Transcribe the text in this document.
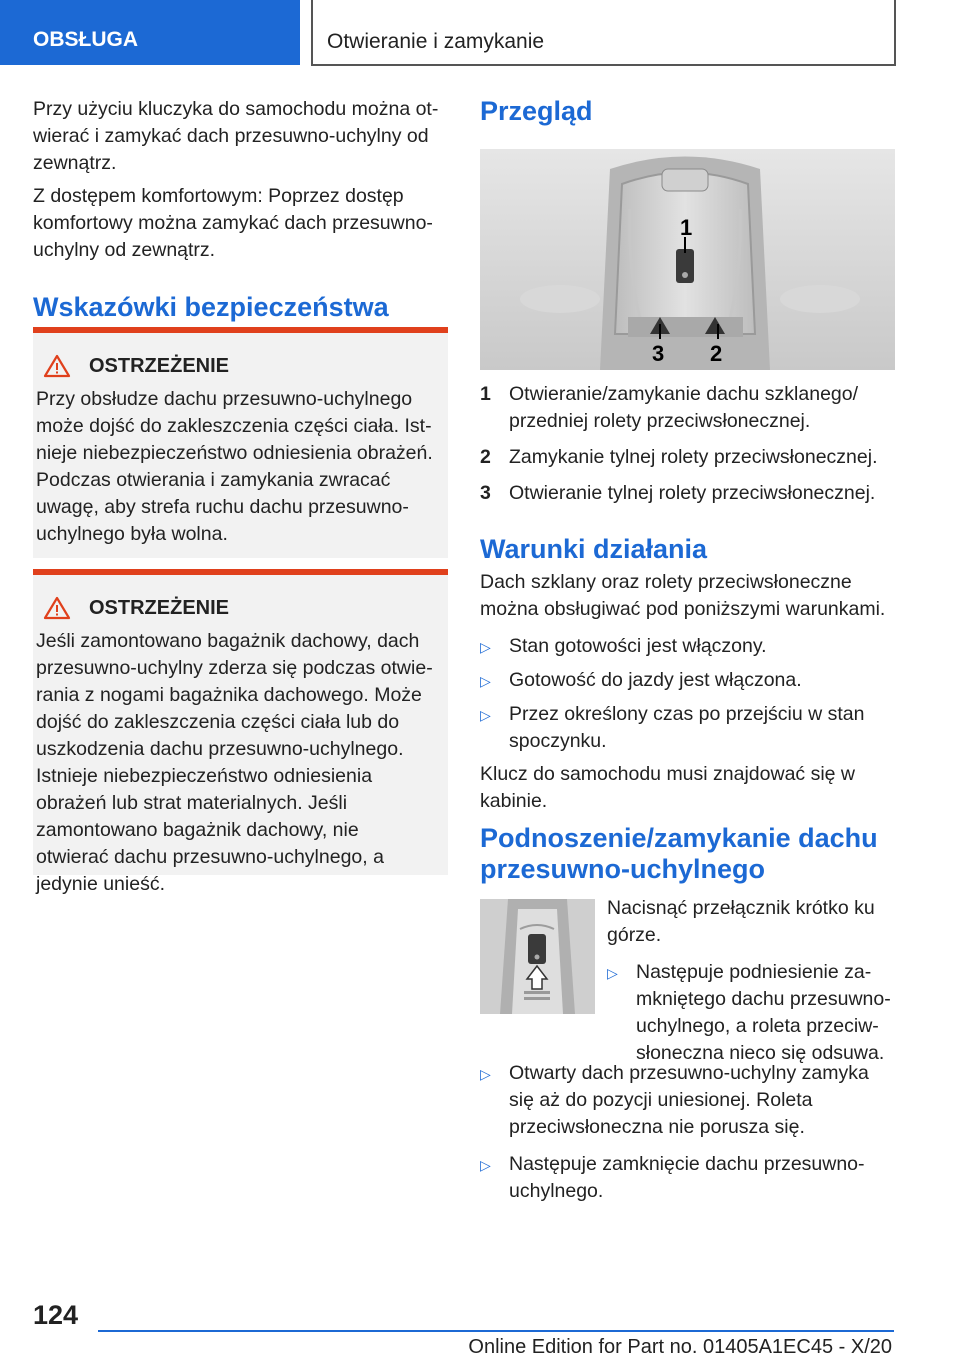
OBSŁUGA	Otwieranie i zamykanie

Przy użyciu kluczyka do samochodu można otwierać i zamykać dach przesuwno-uchylny od zewnątrz.

Z dostępem komfortowym: Poprzez dostęp komfortowy można zamykać dach przesuwno-uchylny od zewnątrz.

Wskazówki bezpieczeństwa
OSTRZEŻENIE
Przy obsłudze dachu przesuwno-uchylnego może dojść do zakleszczenia części ciała. Istnieje niebezpieczeństwo odniesienia obrażeń. Podczas otwierania i zamykania zwracać uwagę, aby strefa ruchu dachu przesuwno-uchylnego była wolna.
OSTRZEŻENIE
Jeśli zamontowano bagażnik dachowy, dach przesuwno-uchylny zderza się podczas otwierania z nogami bagażnika dachowego. Może dojść do zakleszczenia części ciała lub do uszkodzenia dachu przesuwno-uchylnego. Istnieje niebezpieczeństwo odniesienia obrażeń lub strat materialnych. Jeśli zamontowano bagażnik dachowy, nie otwierać dachu przesuwno-uchylnego, a jedynie unieść.
Przegląd
1
2
3
1 Otwieranie/zamykanie dachu szklanego/ przedniej rolety przeciwsłonecznej.
2 Zamykanie tylnej rolety przeciwsłonecznej.
3 Otwieranie tylnej rolety przeciwsłonecznej.
Warunki działania

Dach szklany oraz rolety przeciwsłoneczne można obsługiwać pod poniższymi warunkami.

▷ Stan gotowości jest włączony.
▷ Gotowość do jazdy jest włączona.
▷ Przez określony czas po przejściu w stan spoczynku.

Klucz do samochodu musi znajdować się w kabinie.

Podnoszenie/zamykanie dachu przesuwno-uchylnego

Nacisnąć przełącznik krótko ku górze.

▷ Następuje podniesienie zamkniętego dachu przesuwno-uchylnego, a roleta przeciwsłoneczna nieco się odsuwa.
▷ Otwarty dach przesuwno-uchylny zamyka się aż do pozycji uniesionej. Roleta przeciwsłoneczna nie porusza się.
▷ Następuje zamknięcie dachu przesuwno-uchylnego.
124
Online Edition for Part no. 01405A1EC45 - X/20
